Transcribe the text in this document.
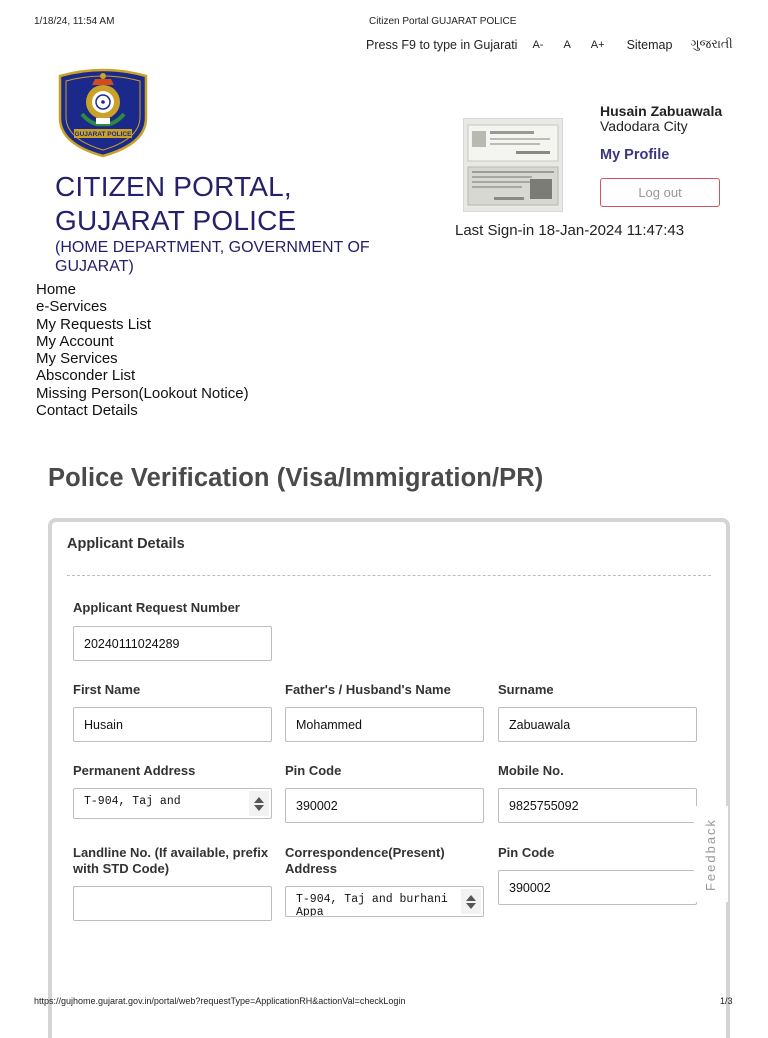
1/18/24, 11:54 AM	Citizen Portal GUJARAT POLICE
Press F9 to type in Gujarati A- A A+ Sitemap ગુજરાતી
GUJARAT POLICE
CITIZEN PORTAL,
GUJARAT POLICE
(HOME DEPARTMENT, GOVERNMENT OF GUJARAT)
Husain Zabuawala
Vadodara City
My Profile
Log out
Last Sign-in 18-Jan-2024 11:47:43
Home
e-Services
My Requests List
My Account
My Services
Absconder List
Missing Person(Lookout Notice)
Contact Details
Police Verification (Visa/Immigration/PR)
Applicant Details
Applicant Request Number
20240111024289
First Name
Husain
Father's / Husband's Name
Mohammed
Surname
Zabuawala
Permanent Address
T-904, Taj and
Pin Code
390002
Mobile No.
9825755092
Landline No. (If available, prefix with STD Code)
Correspondence(Present) Address
T-904, Taj and burhani Appa
Pin Code
390002	Feedback
https://gujhome.gujarat.gov.in/portal/web?requestType=ApplicationRH&actionVal=checkLogin	1/3
